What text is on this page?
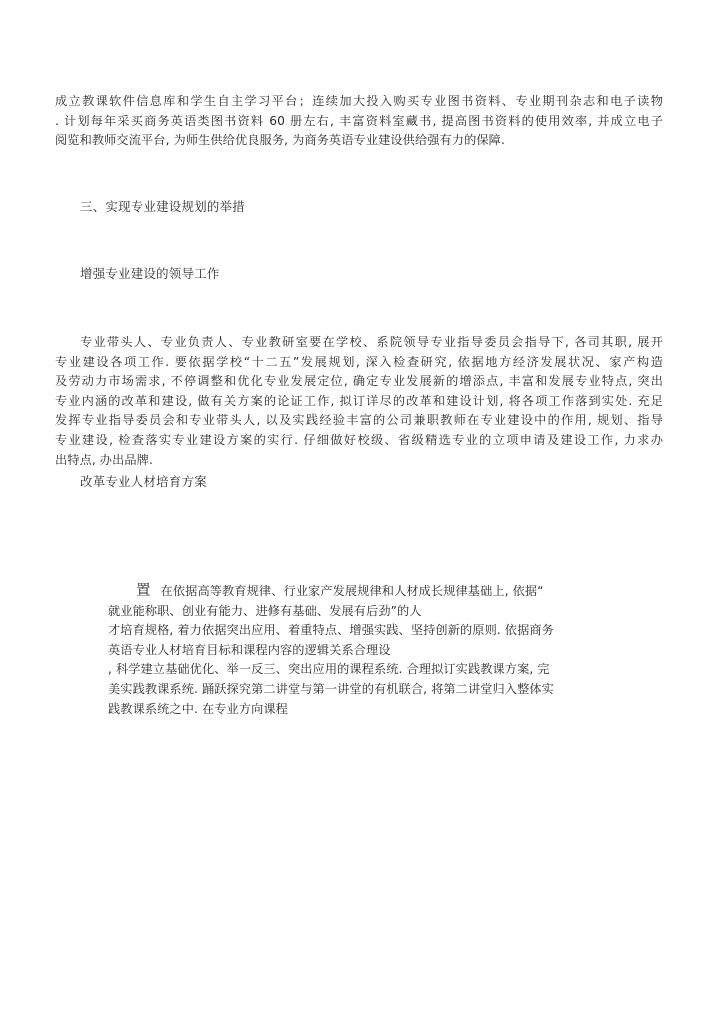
成立教课软件信息库和学生自主学习平台；连续加大投入购买专业图书资料、专业期刊杂志和电子读物
. 计划每年采买商务英语类图书资料 60 册左右, 丰富资料室藏书, 提高图书资料的使用效率, 并成立电子
阅览和教师交流平台, 为师生供给优良服务, 为商务英语专业建设供给强有力的保障.
三、实现专业建设规划的举措
增强专业建设的领导工作
专业带头人、专业负责人、专业教研室要在学校、系院领导专业指导委员会指导下, 各司其职, 展开
专业建设各项工作. 要依据学校“十二五”发展规划, 深入检查研究, 依据地方经济发展状况、家产构造
及劳动力市场需求, 不停调整和优化专业发展定位, 确定专业发展新的增添点, 丰富和发展专业特点, 突出
专业内涵的改革和建设, 做有关方案的论证工作, 拟订详尽的改革和建设计划, 将各项工作落到实处. 充足
发挥专业指导委员会和专业带头人, 以及实践经验丰富的公司兼职教师在专业建设中的作用, 规划、指导
专业建设, 检查落实专业建设方案的实行. 仔细做好校级、省级精选专业的立项申请及建设工作, 力求办
出特点, 办出品牌.
改革专业人材培育方案
置 在依据高等教育规律、行业家产发展规律和人材成长规律基础上, 依据“
就业能称职、创业有能力、进修有基础、发展有后劲”的人
才培育规格, 着力依据突出应用、着重特点、增强实践、坚持创新的原则. 依据商务
英语专业人材培育目标和课程内容的逻辑关系合理设
, 科学建立基础优化、举一反三、突出应用的课程系统. 合理拟订实践教课方案, 完
美实践教课系统. 踊跃探究第二讲堂与第一讲堂的有机联合, 将第二讲堂归入整体实
践教课系统之中. 在专业方向课程
